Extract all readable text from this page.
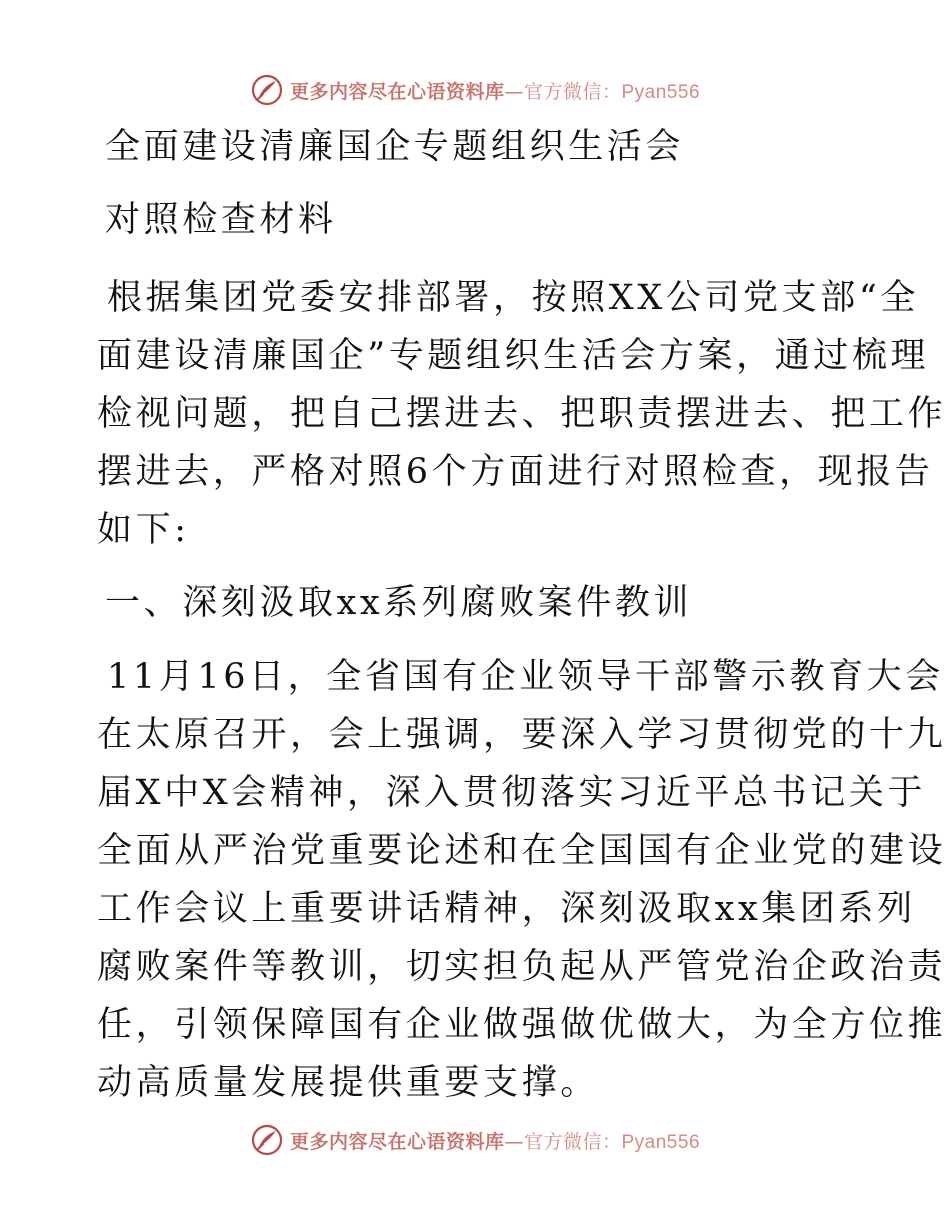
更多内容尽在心语资料库—官方微信：Pyan556

全面建设清廉国企专题组织生活会

对照检查材料

根据集团党委安排部署，按照XX公司党支部“全
面建设清廉国企”专题组织生活会方案，通过梳理
检视问题，把自己摆进去、把职责摆进去、把工作
摆进去，严格对照6个方面进行对照检查，现报告
如下:

一、深刻汲取xx系列腐败案件教训

11月16日，全省国有企业领导干部警示教育大会
在太原召开，会上强调，要深入学习贯彻党的十九
届X中X会精神，深入贯彻落实习近平总书记关于
全面从严治党重要论述和在全国国有企业党的建设
工作会议上重要讲话精神，深刻汲取xx集团系列
腐败案件等教训，切实担负起从严管党治企政治责
任，引领保障国有企业做强做优做大，为全方位推
动高质量发展提供重要支撑。
更多内容尽在心语资料库—官方微信：Pyan556
